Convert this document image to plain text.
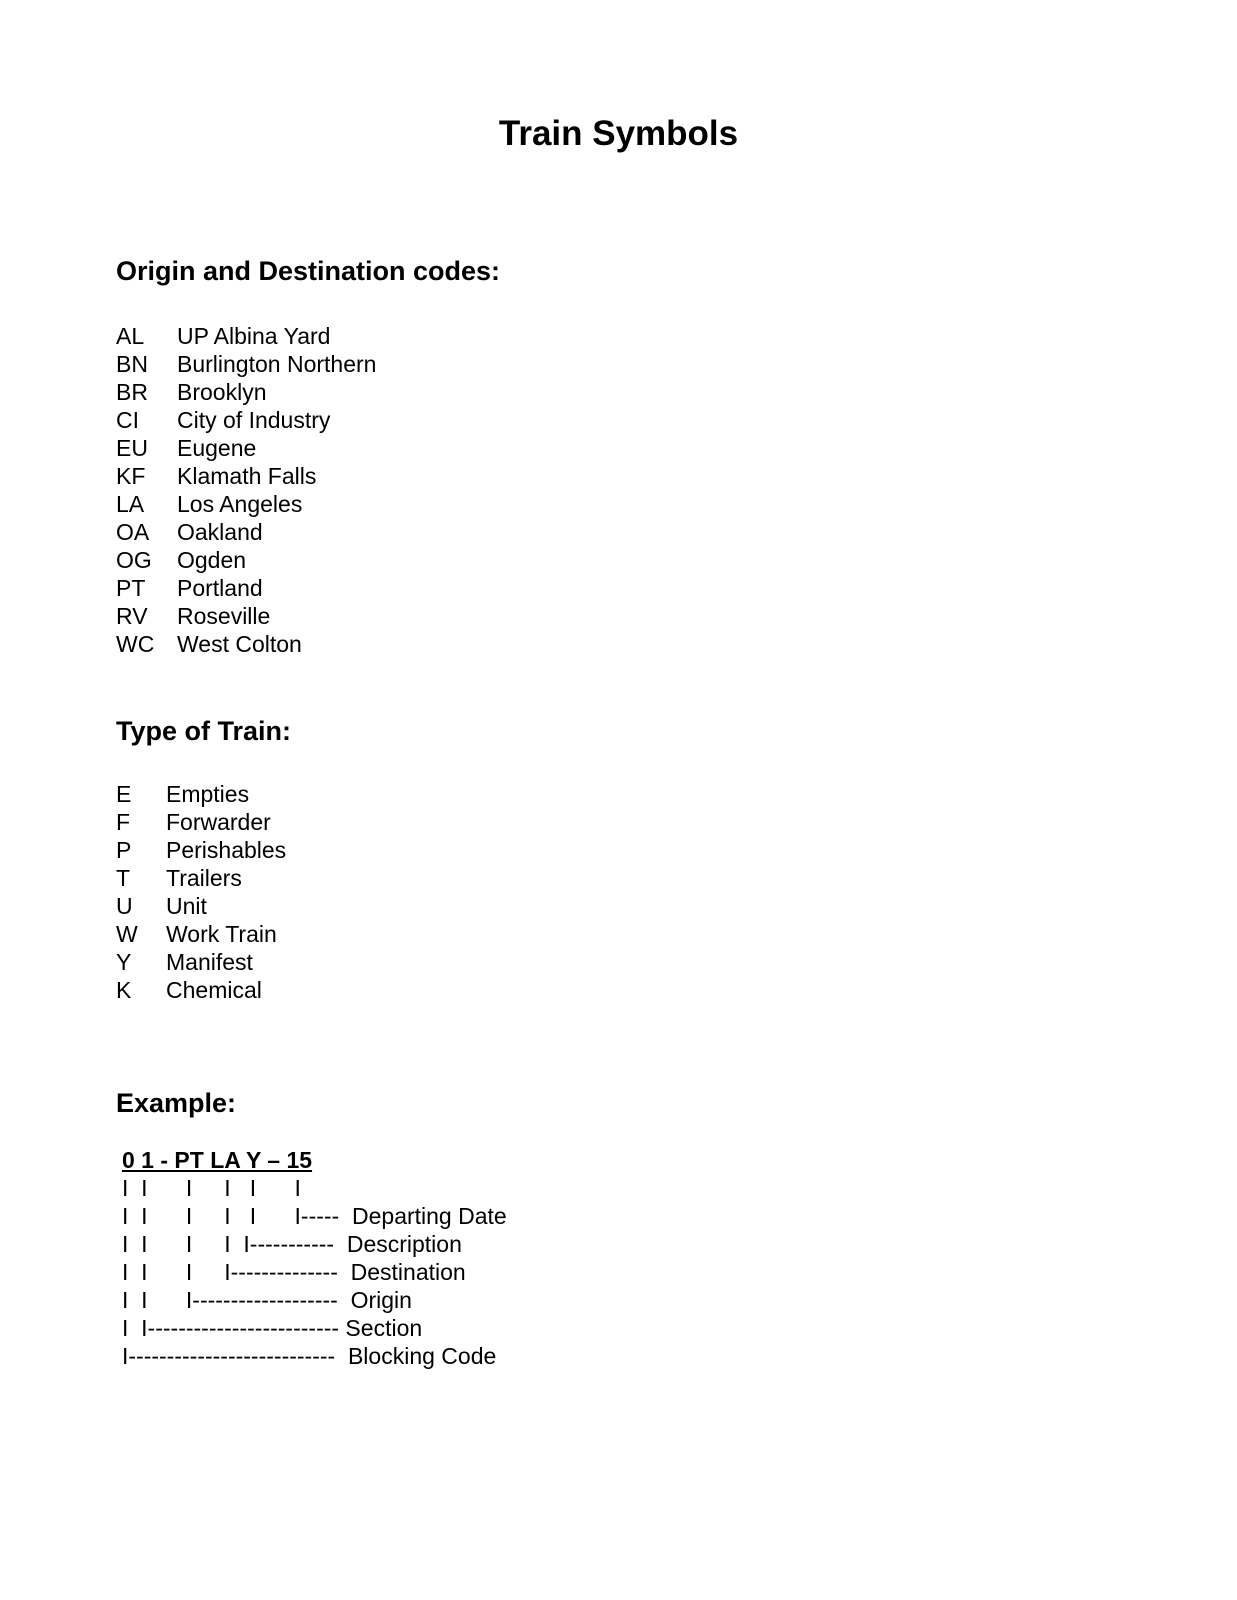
Train Symbols
Origin and Destination codes:
AL UP Albina Yard
BN Burlington Northern
BR Brooklyn
CI City of Industry
EU Eugene
KF Klamath Falls
LA Los Angeles
OA Oakland
OG Ogden
PT Portland
RV Roseville
WC West Colton
Type of Train:
E Empties
F Forwarder
P Perishables
T Trailers
U Unit
W Work Train
Y Manifest
K Chemical
Example:
0 1 - PT LA Y – 15
I  I      I     I   I      I
I  I      I     I   I      I-----  Departing Date
I  I      I     I  I-----------  Description
I  I      I     I--------------  Destination
I  I      I-------------------  Origin
I  I------------------------- Section
I---------------------------  Blocking Code
